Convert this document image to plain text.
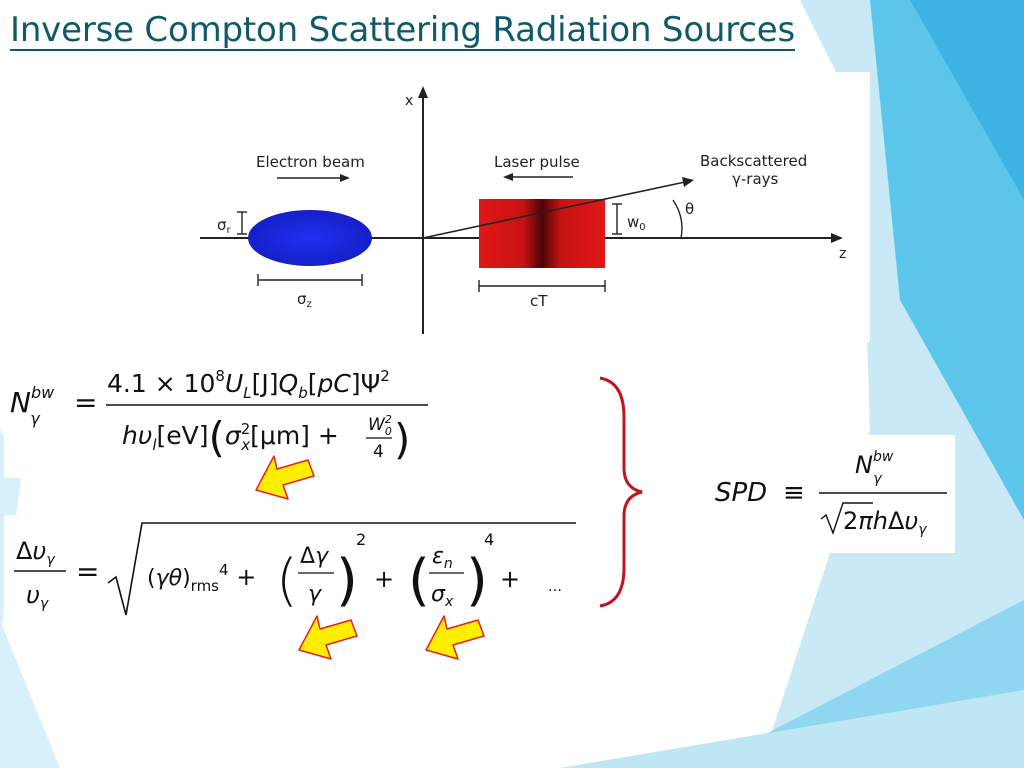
Inverse Compton Scattering Radiation Sources
z
x
Electron beam
$\sigma_r$
$\sigma_z$
Laser pulse
cT
$w_0$
Backscattered
γ-rays
θ
$N^{bw}$ γ	=
$4.1 \times 10^8U_L[J]Q_b[pC]\Psi^2$
$h\upsilon_l[eV](\sigma^2$ $x[\mu m] + W^2$ 0
4 )
$\Delta\upsilon_\gamma$
$\upsilon_\gamma$
= $(\gamma\theta)_{rms}^4$ + ( Δγ
γ )
2
+ ( $\varepsilon_n$
$\sigma_x$ )
4
+ …
SPD ≡
$N^{bw}$ γ
2πhΔυ$_\gamma$
